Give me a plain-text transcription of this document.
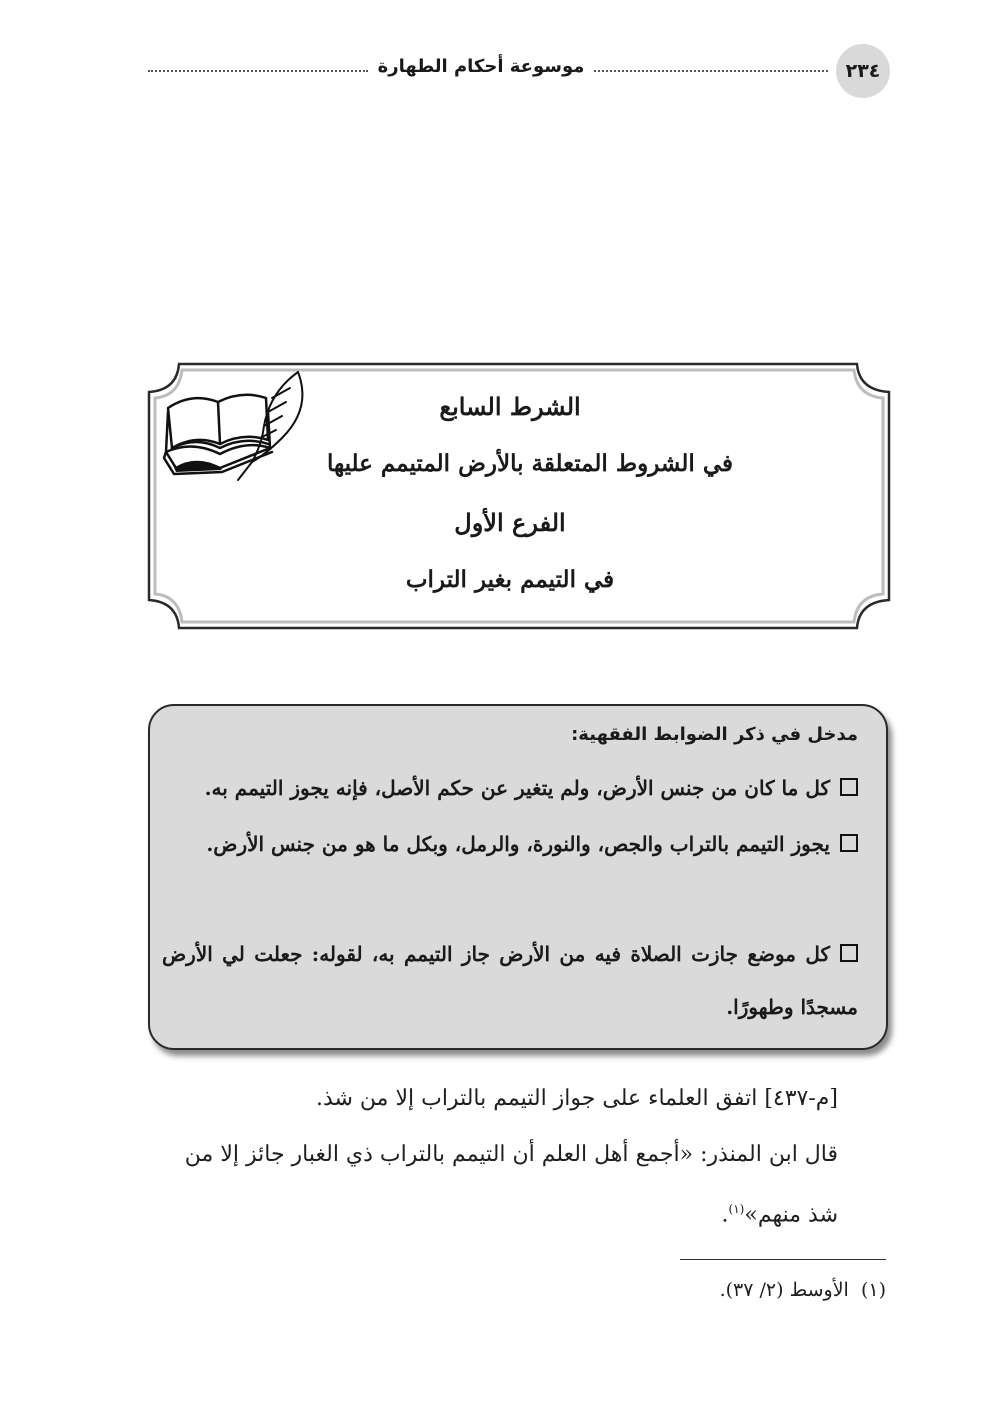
موسوعة أحكام الطهارة	٢٣٤
الشرط السابع
في الشروط المتعلقة بالأرض المتيمم عليها
الفرع الأول
في التيمم بغير التراب
مدخل في ذكر الضوابط الفقهية:
كل ما كان من جنس الأرض، ولم يتغير عن حكم الأصل، فإنه يجوز التيمم به.
يجوز التيمم بالتراب والجص، والنورة، والرمل، وبكل ما هو من جنس الأرض.
كل موضع جازت الصلاة فيه من الأرض جاز التيمم به، لقوله: جعلت لي الأرض مسجدًا وطهورًا.
[م-٤٣٧] اتفق العلماء على جواز التيمم بالتراب إلا من شذ.
قال ابن المنذر: «أجمع أهل العلم أن التيمم بالتراب ذي الغبار جائز إلا من شذ منهم»$^{(١)}$.
(١)  الأوسط (٢/ ٣٧).
